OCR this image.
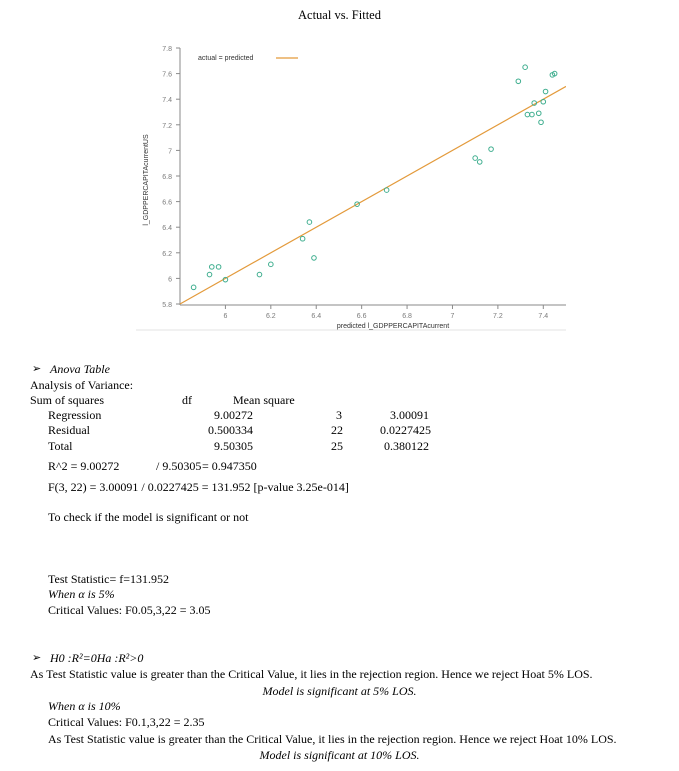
Actual vs. Fitted
5.8
6
6.2
6.4
6.6
6.8
7
7.2
7.4
7.6
7.8
6	6.2	6.4	6.6	6.8	7	7.2	7.4
actual = predicted
predicted l_GDPPERCAPITAcurrent
l_GDPPERCAPITAcurrentUS
➢ Anova Table
Analysis of Variance:
Sum of squares	df	Mean square
Regression	9.00272	3	3.00091
Residual	0.500334	22	0.0227425
Total	9.50305	25	0.380122
R^2 = 9.00272	/ 9.50305 = 0.947350
F(3, 22) = 3.00091 / 0.0227425 = 131.952 [p-value 3.25e-014]
To check if the model is significant or not
Test Statistic= f=131.952
When α is 5%
Critical Values: F0.05,3,22 = 3.05
➢ H0 :R²=0Ha :R²>0
As Test Statistic value is greater than the Critical Value, it lies in the rejection region. Hence we reject Hoat 5% LOS.
Model is significant at 5% LOS.
When α is 10%
Critical Values: F0.1,3,22 = 2.35
As Test Statistic value is greater than the Critical Value, it lies in the rejection region. Hence we reject Hoat 10% LOS.
Model is significant at 10% LOS.
